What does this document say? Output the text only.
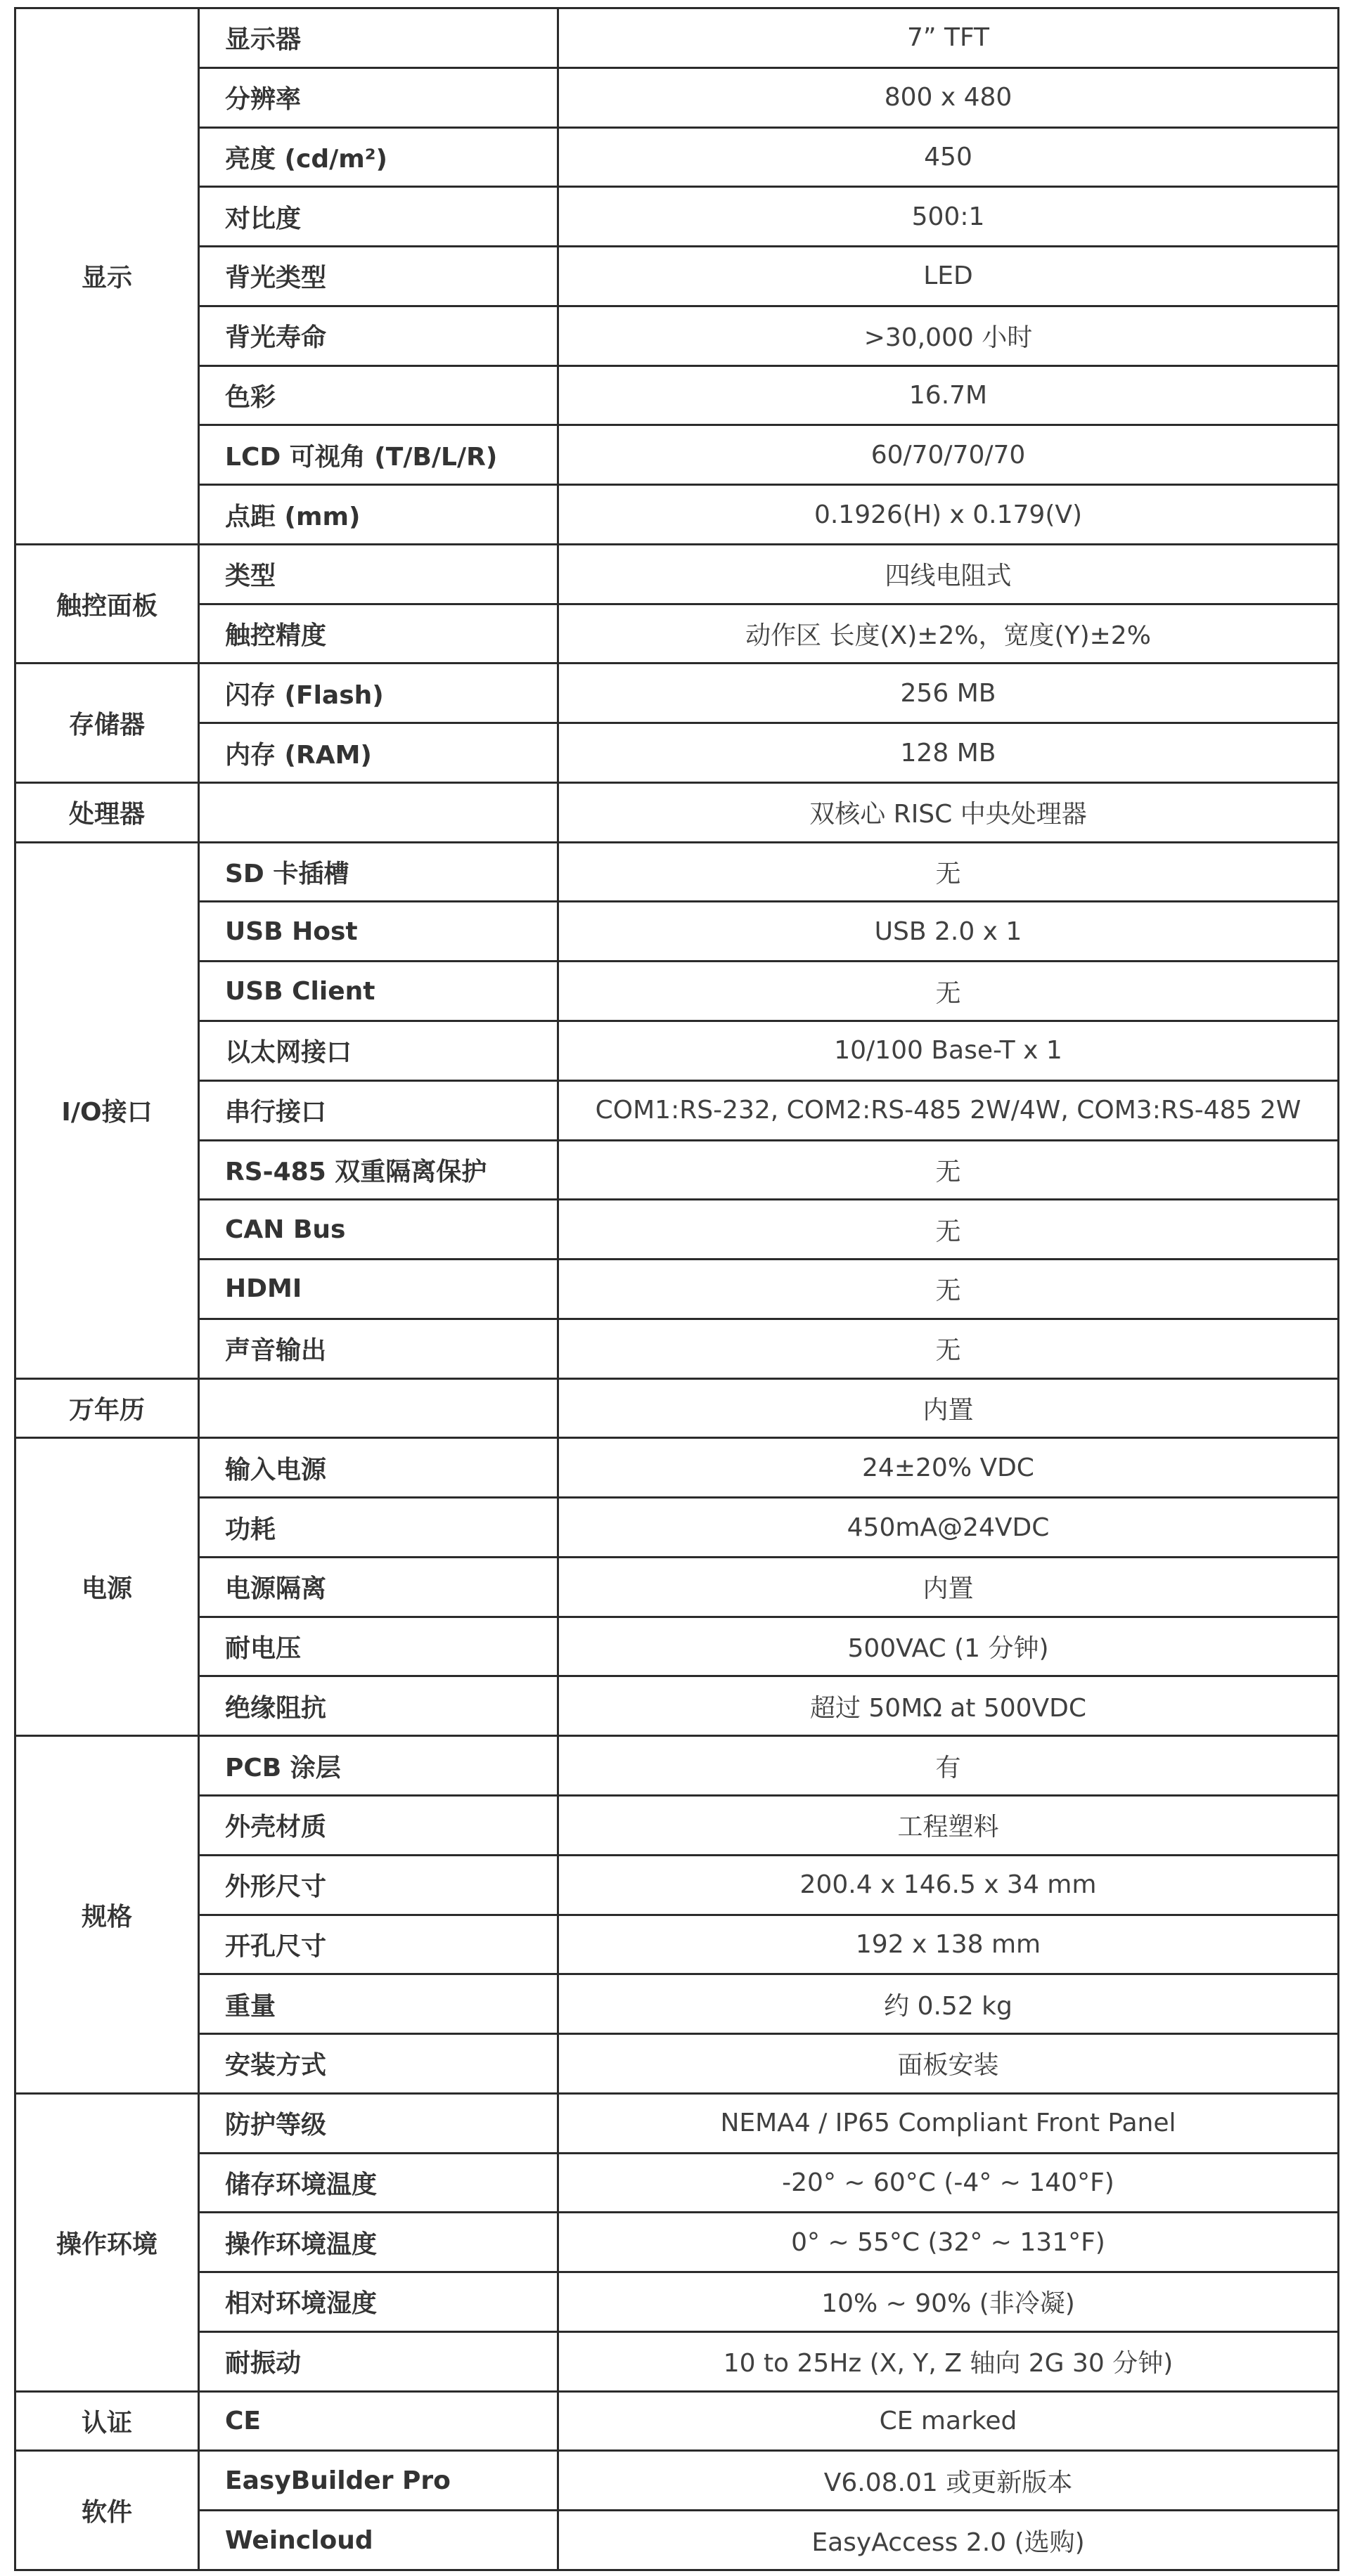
显示	显示器	7” TFT
	分辨率	800 x 480
	亮度 (cd/m²)	450
	对比度	500:1
	背光类型	LED
	背光寿命	>30,000 小时
	色彩	16.7M
	LCD 可视角 (T/B/L/R)	60/70/70/70
	点距 (mm)	0.1926(H) x 0.179(V)
触控面板	类型	四线电阻式
	触控精度	动作区 长度(X)±2%，宽度(Y)±2%
存储器	闪存 (Flash)	256 MB
	内存 (RAM)	128 MB
处理器		双核心 RISC 中央处理器
I/O接口	SD 卡插槽	无
	USB Host	USB 2.0 x 1
	USB Client	无
	以太网接口	10/100 Base-T x 1
	串行接口	COM1:RS-232, COM2:RS-485 2W/4W, COM3:RS-485 2W
	RS-485 双重隔离保护	无
	CAN Bus	无
	HDMI	无
	声音输出	无
万年历		内置
电源	输入电源	24±20% VDC
	功耗	450mA@24VDC
	电源隔离	内置
	耐电压	500VAC (1 分钟)
	绝缘阻抗	超过 50MΩ at 500VDC
规格	PCB 涂层	有
	外壳材质	工程塑料
	外形尺寸	200.4 x 146.5 x 34 mm
	开孔尺寸	192 x 138 mm
	重量	约 0.52 kg
	安装方式	面板安装
操作环境	防护等级	NEMA4 / IP65 Compliant Front Panel
	储存环境温度	-20° ~ 60°C (-4° ~ 140°F)
	操作环境温度	0° ~ 55°C (32° ~ 131°F)
	相对环境湿度	10% ~ 90% (非冷凝)
	耐振动	10 to 25Hz (X, Y, Z 轴向 2G 30 分钟)
认证	CE	CE marked
软件	EasyBuilder Pro	V6.08.01 或更新版本
	Weincloud	EasyAccess 2.0 (选购)
